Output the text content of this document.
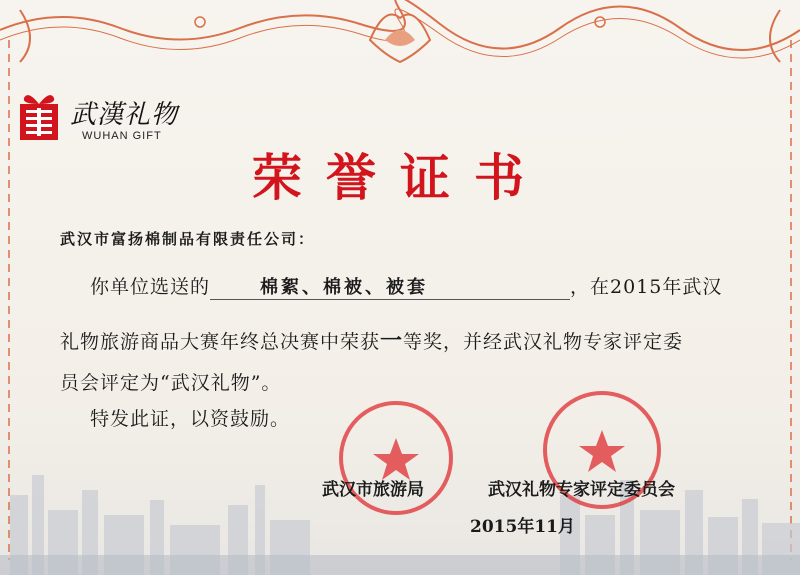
武漢礼物
WUHAN GIFT
荣誉证书
武汉市富扬棉制品有限责任公司：
你单位选送的	棉絮、棉被、被套	，在2015年武汉
礼物旅游商品大赛年终总决赛中荣获一等奖，并经武汉礼物专家评定委
员会评定为“武汉礼物”。
特发此证，以资鼓励。
武汉市旅游局	武汉礼物专家评定委员会
2015年11月
